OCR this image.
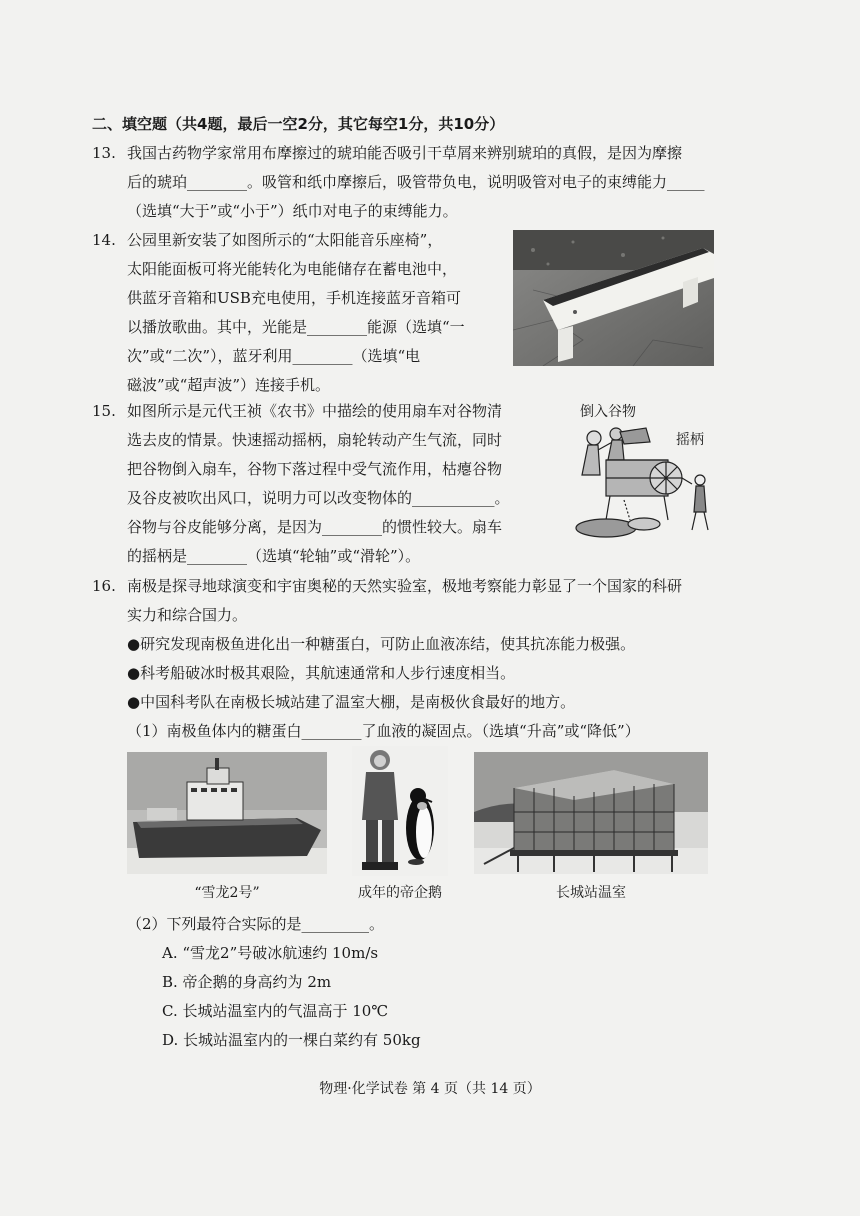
二、填空题（共4题，最后一空2分，其它每空1分，共10分）
13. 我国古药物学家常用布摩擦过的琥珀能否吸引干草屑来辨别琥珀的真假，是因为摩擦
后的琥珀________。吸管和纸巾摩擦后，吸管带负电，说明吸管对电子的束缚能力_____
（选填“大于”或“小于”）纸巾对电子的束缚能力。
14. 公园里新安装了如图所示的“太阳能音乐座椅”，
太阳能面板可将光能转化为电能储存在蓄电池中，
供蓝牙音箱和USB充电使用，手机连接蓝牙音箱可
以播放歌曲。其中，光能是________能源（选填“一
次”或“二次”），蓝牙利用________（选填“电
磁波”或“超声波”）连接手机。
15. 如图所示是元代王祯《农书》中描绘的使用扇车对谷物清
选去皮的情景。快速摇动摇柄，扇轮转动产生气流，同时
把谷物倒入扇车，谷物下落过程中受气流作用，枯瘪谷物
及谷皮被吹出风口，说明力可以改变物体的___________。
谷物与谷皮能够分离，是因为________的惯性较大。扇车
的摇柄是________（选填“轮轴”或“滑轮”）。
倒入谷物
摇柄
16. 南极是探寻地球演变和宇宙奥秘的天然实验室，极地考察能力彰显了一个国家的科研
实力和综合国力。
●研究发现南极鱼进化出一种糖蛋白，可防止血液冻结，使其抗冻能力极强。
●科考船破冰时极其艰险，其航速通常和人步行速度相当。
●中国科考队在南极长城站建了温室大棚，是南极伙食最好的地方。
（1）南极鱼体内的糖蛋白________了血液的凝固点。（选填“升高”或“降低”）
“雪龙2号”	成年的帝企鹅	长城站温室
（2）下列最符合实际的是_________。
A. “雪龙2”号破冰航速约 10m/s
B. 帝企鹅的身高约为 2m
C. 长城站温室内的气温高于 10℃
D. 长城站温室内的一棵白菜约有 50kg
物理·化学试卷 第 4 页（共 14 页）
